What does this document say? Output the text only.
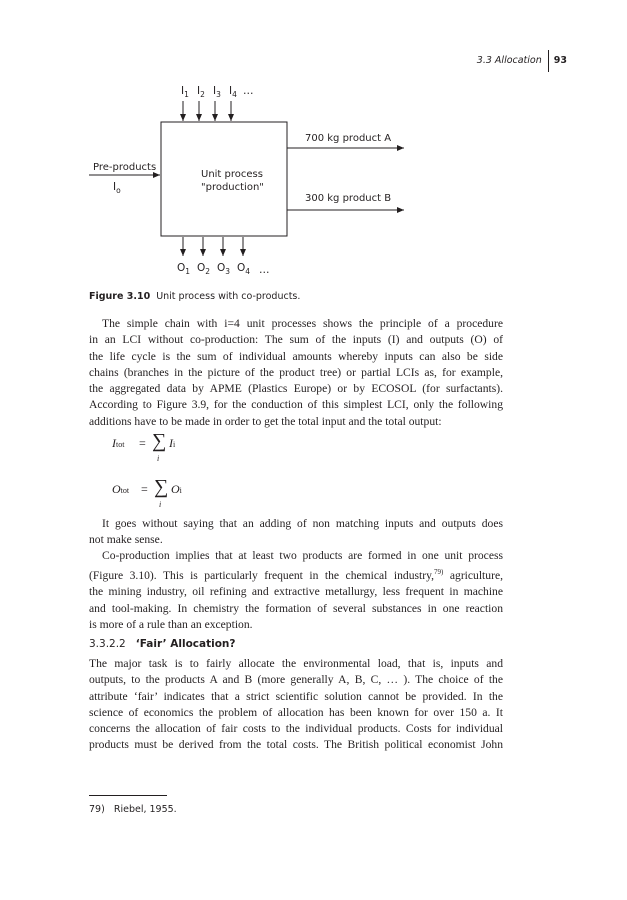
3.3 Allocation	93
$I_1$ $I_2$ $I_3$ $I_4$ …
Unit process
"production"
Pre-products
$I_o$
700 kg product A
300 kg product B
$O_1$ $O_2$ $O_3$ $O_4$ …
Figure 3.10 Unit process with co-products.

The simple chain with i=4 unit processes shows the principle of a procedure
in an LCI without co-production: The sum of the inputs (I) and outputs (O) of
the life cycle is the sum of individual amounts whereby inputs can also be side
chains (branches in the picture of the product tree) or partial LCIs as, for example,
the aggregated data by APME (Plastics Europe) or by ECOSOL (for surfactants).
According to Figure 3.9, for the conduction of this simplest LCI, only the following
additions have to be made in order to get the total input and the total output:

Itot = ∑ Ii
i
Otot = ∑ Oi
i

It goes without saying that an adding of non matching inputs and outputs does
not make sense.

Co-production implies that at least two products are formed in one unit process
(Figure 3.10). This is particularly frequent in the chemical industry,$^{79)}$ agriculture,
the mining industry, oil refining and extractive metallurgy, less frequent in machine
and tool-making. In chemistry the formation of several substances in one reaction
is more of a rule than an exception.

3.3.2.2 ‘Fair’ Allocation?

The major task is to fairly allocate the environmental load, that is, inputs and
outputs, to the products A and B (more generally A, B, C, … ). The choice of the
attribute ‘fair’ indicates that a strict scientific solution cannot be provided. In the
science of economics the problem of allocation has been known for over 150 a. It
concerns the allocation of fair costs to the individual products. Costs for individual
products must be derived from the total costs. The British political economist John

79) Riebel, 1955.
